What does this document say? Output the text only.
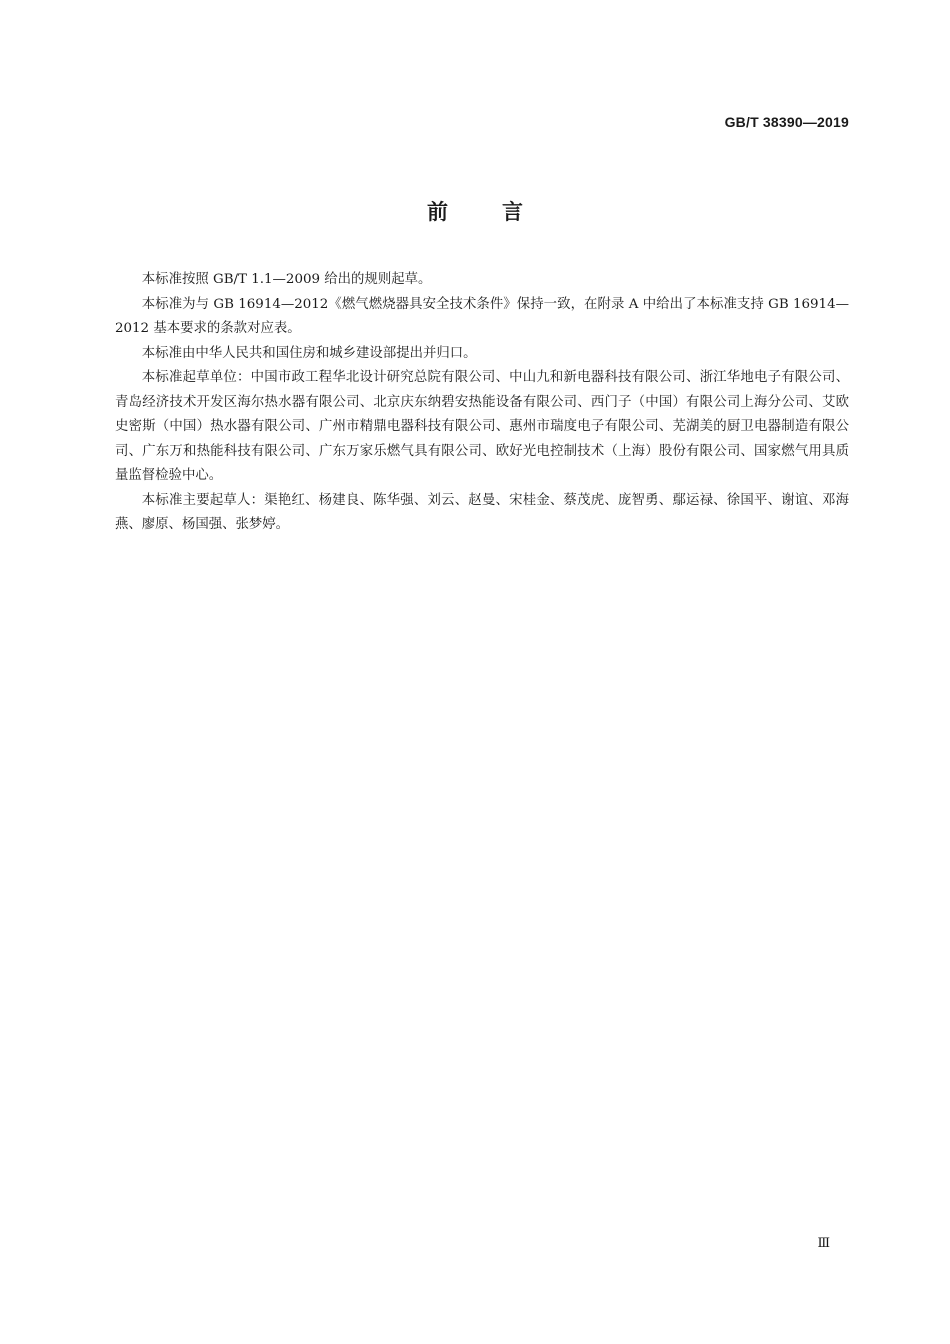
GB/T 38390—2019
前言

本标准按照 GB/T 1.1—2009 给出的规则起草。

本标准为与 GB 16914—2012《燃气燃烧器具安全技术条件》保持一致，在附录 A 中给出了本标准支持 GB 16914—2012 基本要求的条款对应表。

本标准由中华人民共和国住房和城乡建设部提出并归口。

本标准起草单位：中国市政工程华北设计研究总院有限公司、中山九和新电器科技有限公司、浙江华地电子有限公司、青岛经济技术开发区海尔热水器有限公司、北京庆东纳碧安热能设备有限公司、西门子（中国）有限公司上海分公司、艾欧史密斯（中国）热水器有限公司、广州市精鼎电器科技有限公司、惠州市瑞度电子有限公司、芜湖美的厨卫电器制造有限公司、广东万和热能科技有限公司、广东万家乐燃气具有限公司、欧好光电控制技术（上海）股份有限公司、国家燃气用具质量监督检验中心。

本标准主要起草人：渠艳红、杨建良、陈华强、刘云、赵曼、宋桂金、蔡茂虎、庞智勇、鄢运禄、徐国平、谢谊、邓海燕、廖原、杨国强、张梦婷。

Ⅲ
